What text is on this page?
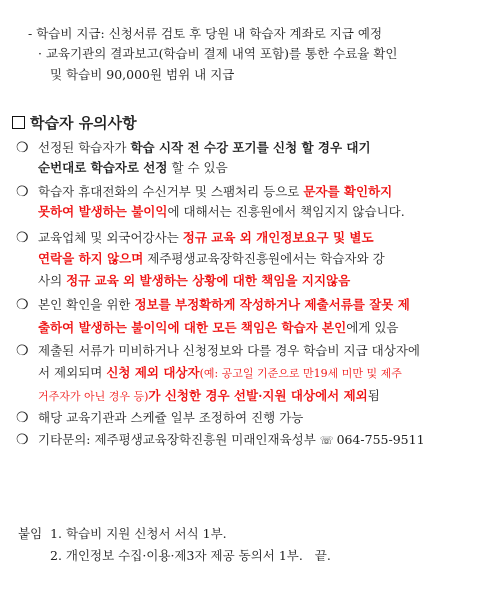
- 학습비 지급: 신청서류 검토 후 당원 내 학습자 계좌로 지급 예정
· 교육기관의 결과보고(학습비 결제 내역 포함)를 통한 수료율 확인
및 학습비 90,000원 범위 내 지급
학습자 유의사항
❍ 선정된 학습자가 학습 시작 전 수강 포기를 신청 할 경우 대기
순번대로 학습자로 선정 할 수 있음
❍ 학습자 휴대전화의 수신거부 및 스팸처리 등으로 문자를 확인하지
못하여 발생하는 불이익에 대해서는 진흥원에서 책임지지 않습니다.
❍ 교육업체 및 외국어강사는 정규 교육 외 개인정보요구 및 별도
연락을 하지 않으며 제주평생교육장학진흥원에서는 학습자와 강
사의 정규 교육 외 발생하는 상황에 대한 책임을 지지않음
❍ 본인 확인을 위한 정보를 부정확하게 작성하거나 제출서류를 잘못 제
출하여 발생하는 불이익에 대한 모든 책임은 학습자 본인에게 있음
❍ 제출된 서류가 미비하거나 신청정보와 다를 경우 학습비 지급 대상자에
서 제외되며 신청 제외 대상자(예: 공고일 기준으로 만19세 미만 및 제주
거주자가 아닌 경우 등)가 신청한 경우 선발·지원 대상에서 제외됨
❍ 해당 교육기관과 스케쥴 일부 조정하여 진행 가능
❍ 기타문의: 제주평생교육장학진흥원 미래인재육성부 ☏ 064-755-9511
붙임 1. 학습비 지원 신청서 서식 1부.
2. 개인정보 수집·이용·제3자 제공 동의서 1부. 끝.
